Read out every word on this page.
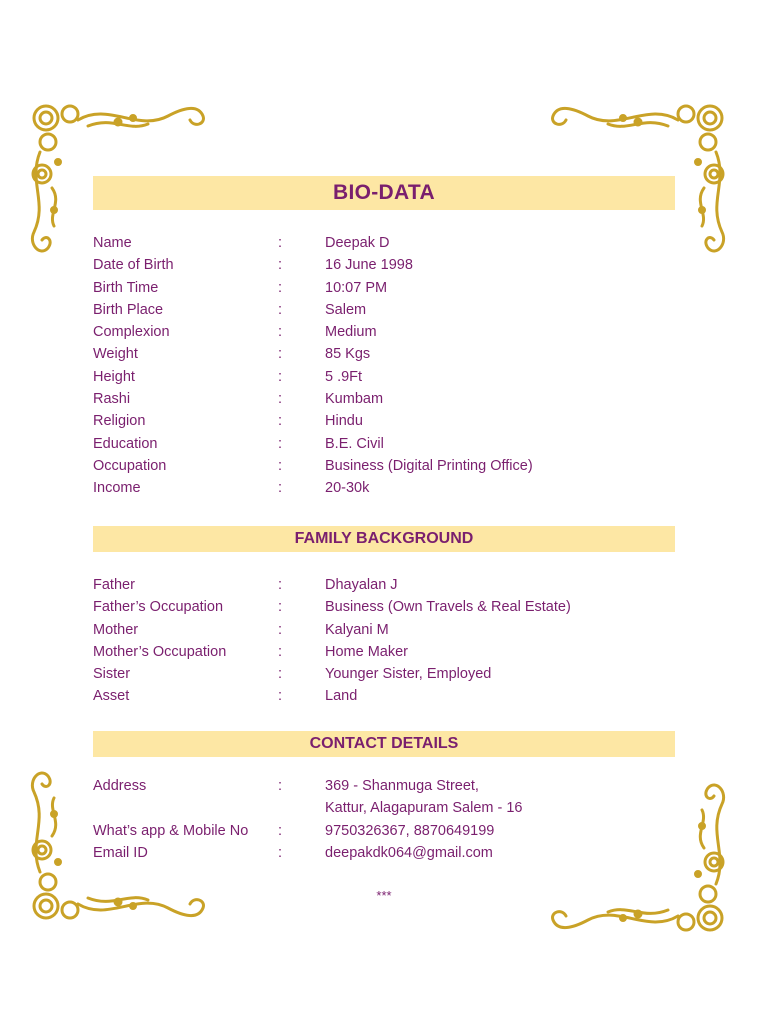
BIO-DATA
Name	:	Deepak D
Date of Birth	:	16 June 1998
Birth Time	:	10:07 PM
Birth Place	:	Salem
Complexion	:	Medium
Weight	:	85 Kgs
Height	:	5 .9Ft
Rashi	:	Kumbam
Religion	:	Hindu
Education	:	B.E. Civil
Occupation	:	Business (Digital Printing Office)
Income	:	20-30k
FAMILY BACKGROUND
Father	:	Dhayalan J
Father’s Occupation	:	Business (Own Travels & Real Estate)
Mother	:	Kalyani M
Mother’s Occupation	:	Home Maker
Sister	:	Younger Sister, Employed
Asset	:	Land
CONTACT DETAILS
Address	:	369 - Shanmuga Street,
Kattur, Alagapuram Salem - 16
What’s app & Mobile No :	9750326367, 8870649199
Email ID	:	deepakdk064@gmail.com
***
